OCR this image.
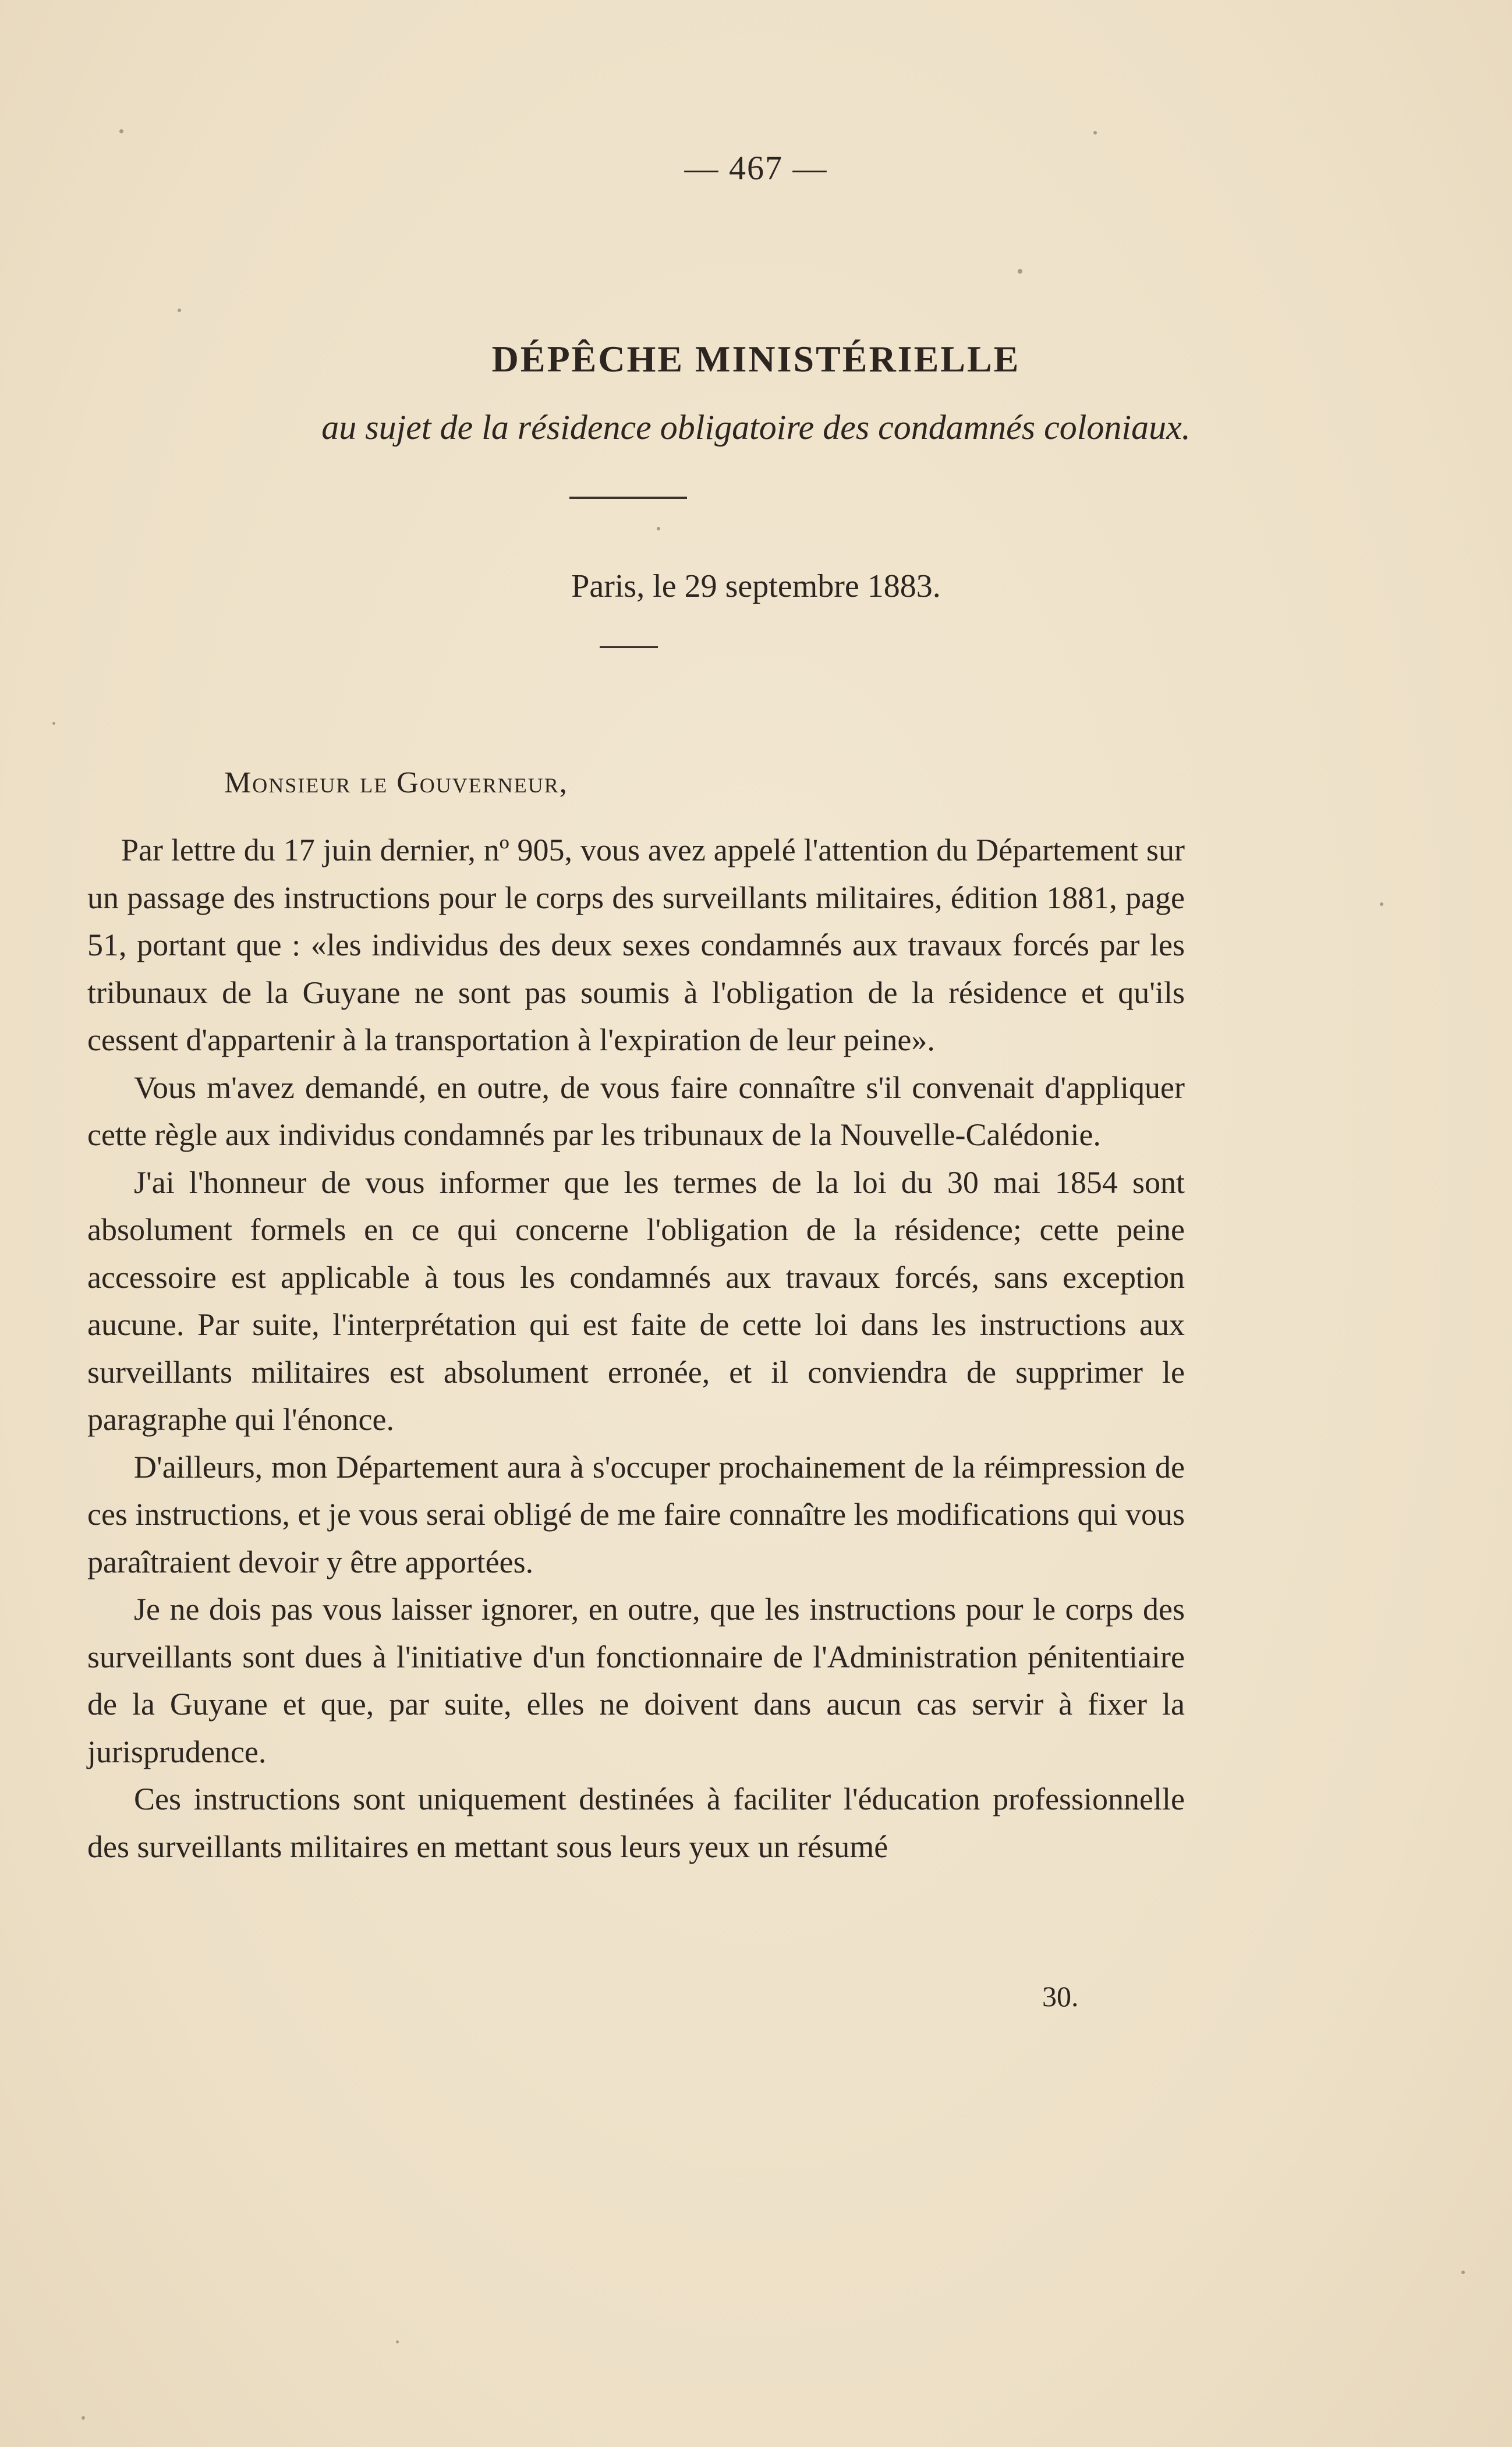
— 467 —
DÉPÊCHE MINISTÉRIELLE
au sujet de la résidence obligatoire des condamnés coloniaux.
Paris, le 29 septembre 1883.
Monsieur le Gouverneur,

Par lettre du 17 juin dernier, nº 905, vous avez appelé l'attention du Département sur un passage des instructions pour le corps des surveillants militaires, édition 1881, page 51, portant que : «les individus des deux sexes condamnés aux travaux forcés par les tribunaux de la Guyane ne sont pas soumis à l'obligation de la résidence et qu'ils cessent d'appartenir à la transportation à l'expiration de leur peine».

Vous m'avez demandé, en outre, de vous faire connaître s'il convenait d'appliquer cette règle aux individus condamnés par les tribunaux de la Nouvelle-Calédonie.

J'ai l'honneur de vous informer que les termes de la loi du 30 mai 1854 sont absolument formels en ce qui concerne l'obligation de la résidence; cette peine accessoire est applicable à tous les condamnés aux travaux forcés, sans exception aucune. Par suite, l'interprétation qui est faite de cette loi dans les instructions aux surveillants militaires est absolument erronée, et il conviendra de supprimer le paragraphe qui l'énonce.

D'ailleurs, mon Département aura à s'occuper prochainement de la réimpression de ces instructions, et je vous serai obligé de me faire connaître les modifications qui vous paraîtraient devoir y être apportées.

Je ne dois pas vous laisser ignorer, en outre, que les instructions pour le corps des surveillants sont dues à l'initiative d'un fonctionnaire de l'Administration pénitentiaire de la Guyane et que, par suite, elles ne doivent dans aucun cas servir à fixer la jurisprudence.

Ces instructions sont uniquement destinées à faciliter l'éducation professionnelle des surveillants militaires en mettant sous leurs yeux un résumé

30.
